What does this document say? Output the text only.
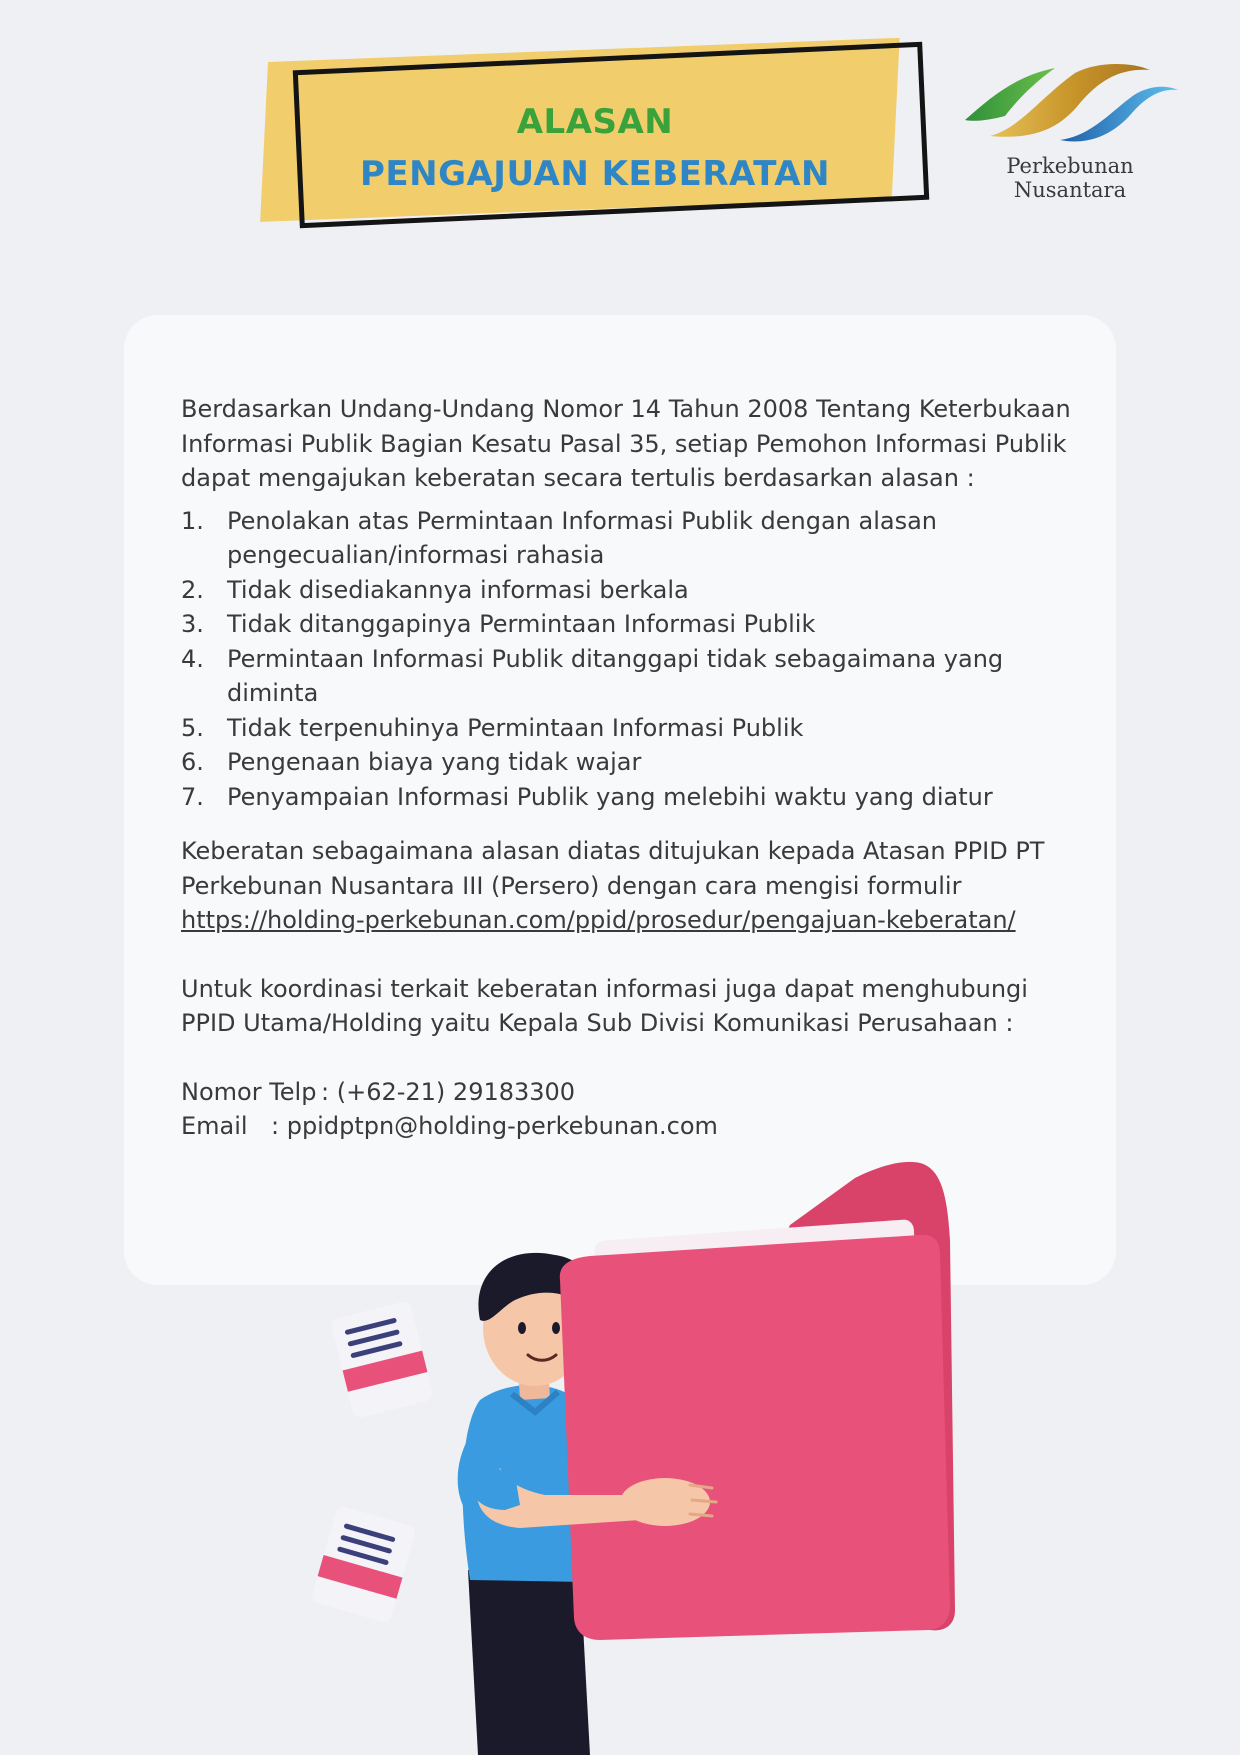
ALASAN
PENGAJUAN KEBERATAN	Perkebunan Nusantara

Berdasarkan Undang-Undang Nomor 14 Tahun 2008 Tentang Keterbukaan Informasi Publik Bagian Kesatu Pasal 35, setiap Pemohon Informasi Publik dapat mengajukan keberatan secara tertulis berdasarkan alasan :

1. Penolakan atas Permintaan Informasi Publik dengan alasan pengecualian/informasi rahasia
2. Tidak disediakannya informasi berkala
3. Tidak ditanggapinya Permintaan Informasi Publik
4. Permintaan Informasi Publik ditanggapi tidak sebagaimana yang diminta
5. Tidak terpenuhinya Permintaan Informasi Publik
6. Pengenaan biaya yang tidak wajar
7. Penyampaian Informasi Publik yang melebihi waktu yang diatur

Keberatan sebagaimana alasan diatas ditujukan kepada Atasan PPID PT Perkebunan Nusantara III (Persero) dengan cara mengisi formulir https://holding-perkebunan.com/ppid/prosedur/pengajuan-keberatan/

Untuk koordinasi terkait keberatan informasi juga dapat menghubungi PPID Utama/Holding yaitu Kepala Sub Divisi Komunikasi Perusahaan :

Nomor Telp : (+62-21) 29183300
Email : ppidptpn@holding-perkebunan.com
